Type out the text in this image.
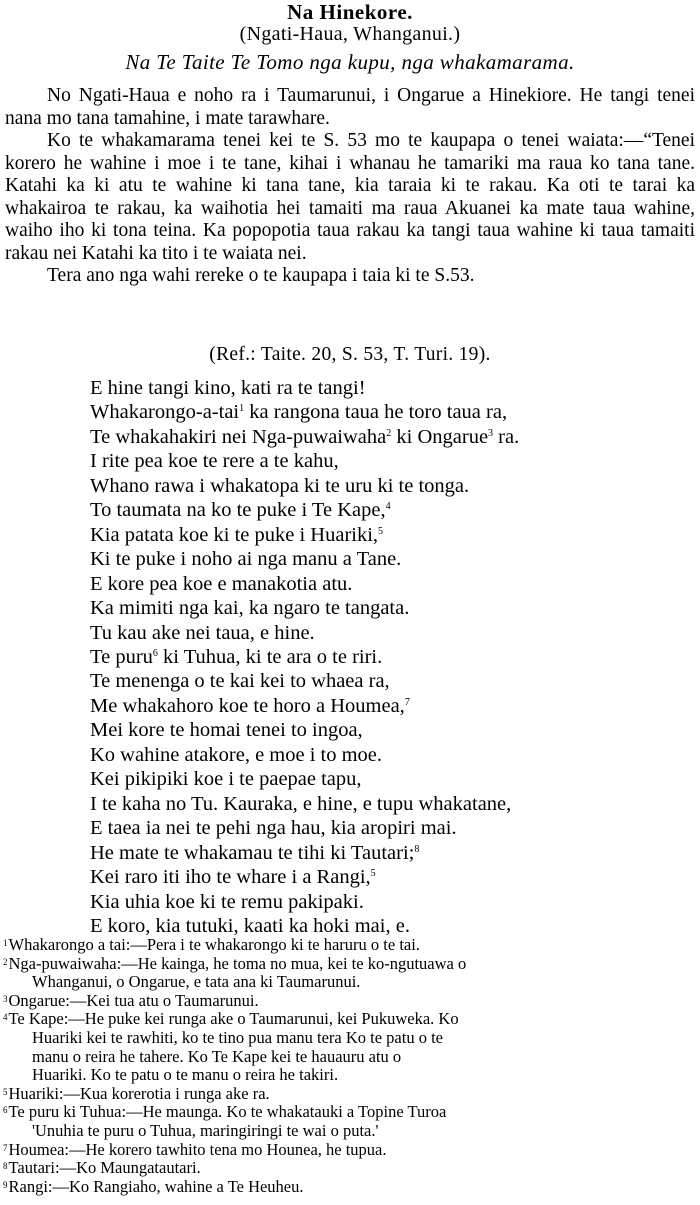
Na Hinekore.
(Ngati-Haua, Whanganui.)
Na Te Taite Te Tomo nga kupu, nga whakamarama.

No Ngati-Haua e noho ra i Taumarunui, i Ongarue a Hinekiore. He tangi tenei nana mo tana tamahine, i mate tarawhare.

Ko te whakamarama tenei kei te S. 53 mo te kaupapa o tenei waiata:—“Tenei korero he wahine i moe i te tane, kihai i whanau he tamariki ma raua ko tana tane. Katahi ka ki atu te wahine ki tana tane, kia taraia ki te rakau. Ka oti te tarai ka whakairoa te rakau, ka waihotia hei tamaiti ma raua Akuanei ka mate taua wahine, waiho iho ki tona teina. Ka popopotia taua rakau ka tangi taua wahine ki taua tamaiti rakau nei Katahi ka tito i te waiata nei.

Tera ano nga wahi rereke o te kaupapa i taia ki te S.53.

(Ref.: Taite. 20, S. 53, T. Turi. 19).
E hine tangi kino, kati ra te tangi!
Whakarongo-a-tai$^1$ ka rangona taua he toro taua ra,
Te whakahakiri nei Nga-puwaiwaha$^2$ ki Ongarue$^3$ ra.
I rite pea koe te rere a te kahu,
Whano rawa i whakatopa ki te uru ki te tonga.
To taumata na ko te puke i Te Kape,$^4$
Kia patata koe ki te puke i Huariki,$^5$
Ki te puke i noho ai nga manu a Tane.
E kore pea koe e manakotia atu.
Ka mimiti nga kai, ka ngaro te tangata.
Tu kau ake nei taua, e hine.
Te puru$^6$ ki Tuhua, ki te ara o te riri.
Te menenga o te kai kei to whaea ra,
Me whakahoro koe te horo a Houmea,$^7$
Mei kore te homai tenei to ingoa,
Ko wahine atakore, e moe i to moe.
Kei pikipiki koe i te paepae tapu,
I te kaha no Tu. Kauraka, e hine, e tupu whakatane,
E taea ia nei te pehi nga hau, kia aropiri mai.
He mate te whakamau te tihi ki Tautari;$^8$
Kei raro iti iho te whare i a Rangi,$^5$
Kia uhia koe ki te remu pakipaki.
E koro, kia tutuki, kaati ka hoki mai, e.
$^1$Whakarongo a tai:—Pera i te whakarongo ki te haruru o te tai.
$^2$Nga-puwaiwaha:—He kainga, he toma no mua, kei te ko-ngutuawa o
Whanganui, o Ongarue, e tata ana ki Taumarunui.
$^3$Ongarue:—Kei tua atu o Taumarunui.
$^4$Te Kape:—He puke kei runga ake o Taumarunui, kei Pukuweka. Ko
Huariki kei te rawhiti, ko te tino pua manu tera Ko te patu o te
manu o reira he tahere. Ko Te Kape kei te hauauru atu o
Huariki. Ko te patu o te manu o reira he takiri.
$^5$Huariki:—Kua korerotia i runga ake ra.
$^6$Te puru ki Tuhua:—He maunga. Ko te whakatauki a Topine Turoa
'Unuhia te puru o Tuhua, maringiringi te wai o puta.'
$^7$Houmea:—He korero tawhito tena mo Hounea, he tupua.
$^8$Tautari:—Ko Maungatautari.
$^9$Rangi:—Ko Rangiaho, wahine a Te Heuheu.
